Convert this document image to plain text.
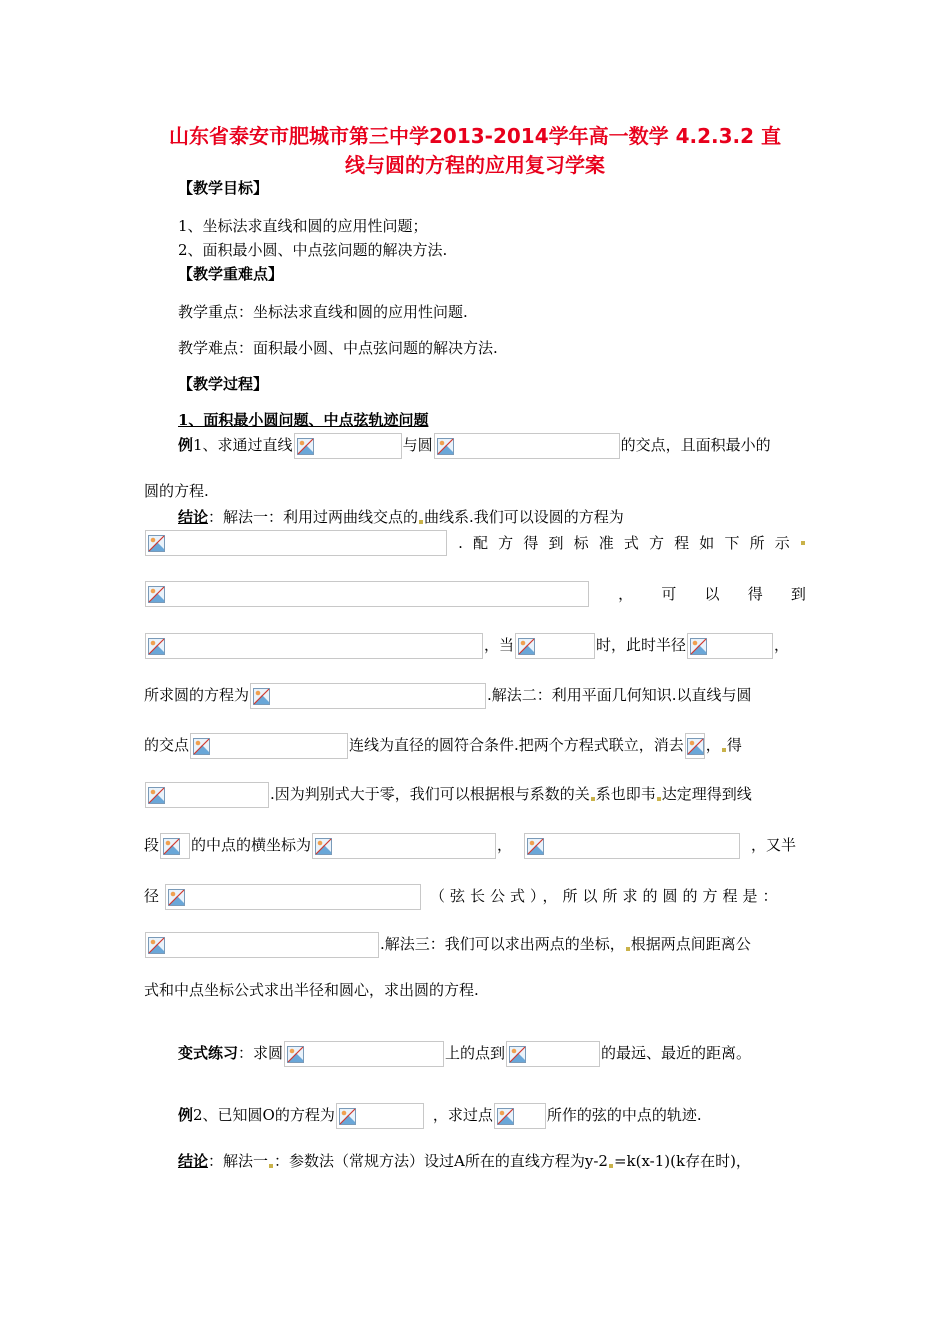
山东省泰安市肥城市第三中学2013-2014学年高一数学 4.2.3.2 直
线与圆的方程的应用复习学案
【教学目标】
1、坐标法求直线和圆的应用性问题；
2、面积最小圆、中点弦问题的解决方法.
【教学重难点】
教学重点：坐标法求直线和圆的应用性问题.
教学难点：面积最小圆、中点弦问题的解决方法.
【教学过程】
1、面积最小圆问题、中点弦轨迹问题
例1、求通过直线	与圆	的交点，且面积最小的
圆的方程.
结论：解法一：利用过两曲线交点的 曲线系.我们可以设圆的方程为
. 配 方 得 到 标 准 式 方 程 如 下 所 示
， 可 以 得 到
，当	时，此时半径	，
所求圆的方程为	.解法二：利用平面几何知识.以直线与圆
的交点	连线为直径的圆符合条件.把两个方程式联立，消去 ， 得
.因为判别式大于零，我们可以根据根与系数的关 系也即韦 达定理得到线
段 的中点的横坐标为	，	，又半
径	（弦长公式），所以所求的圆的方程是：
.解法三：我们可以求出两点的坐标， 根据两点间距离公
式和中点坐标公式求出半径和圆心，求出圆的方程.
变式练习：求圆	上的点到	的最远、最近的距离。
例2、已知圆O的方程为	，求过点	所作的弦的中点的轨迹.
结论：解法一 ：参数法（常规方法）设过A所在的直线方程为y-2 =k(x-1)(k存在时)，
